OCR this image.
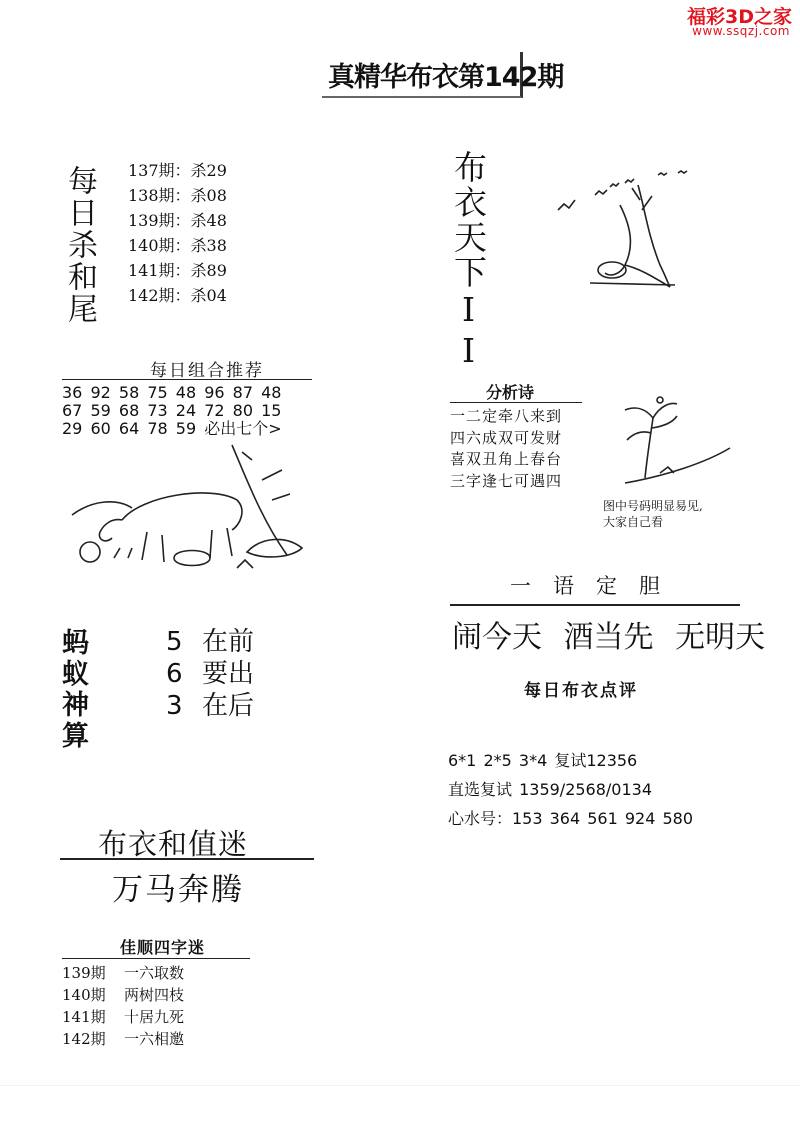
福彩3D之家
www.ssqzj.com
真精华布衣第142期
每日杀和尾 137期：杀29
138期：杀08
139期：杀48
140期：杀38
141期：杀89
142期：杀04	布衣天下II
每日组合推荐
36 92 58 75 48 96 87 48
67 59 68 73 24 72 80 15
29 60 64 78 59 必出七个>
分析诗
一二定牵八来到
四六成双可发财
喜双丑角上春台
三字逢七可遇四
图中号码明显易见,
大家自己看
一语定胆
闹今天 酒当先 无明天
每日布衣点评
6*1 2*5 3*4 复试12356
直选复试 1359/2568/0134
心水号：153 364 561 924 580
蚂蚁神算
5 在前
6 要出
3 在后
布衣和值迷
万马奔腾
佳顺四字迷
139期 一六取数
140期 两树四枝
141期 十居九死
142期 一六相邀
